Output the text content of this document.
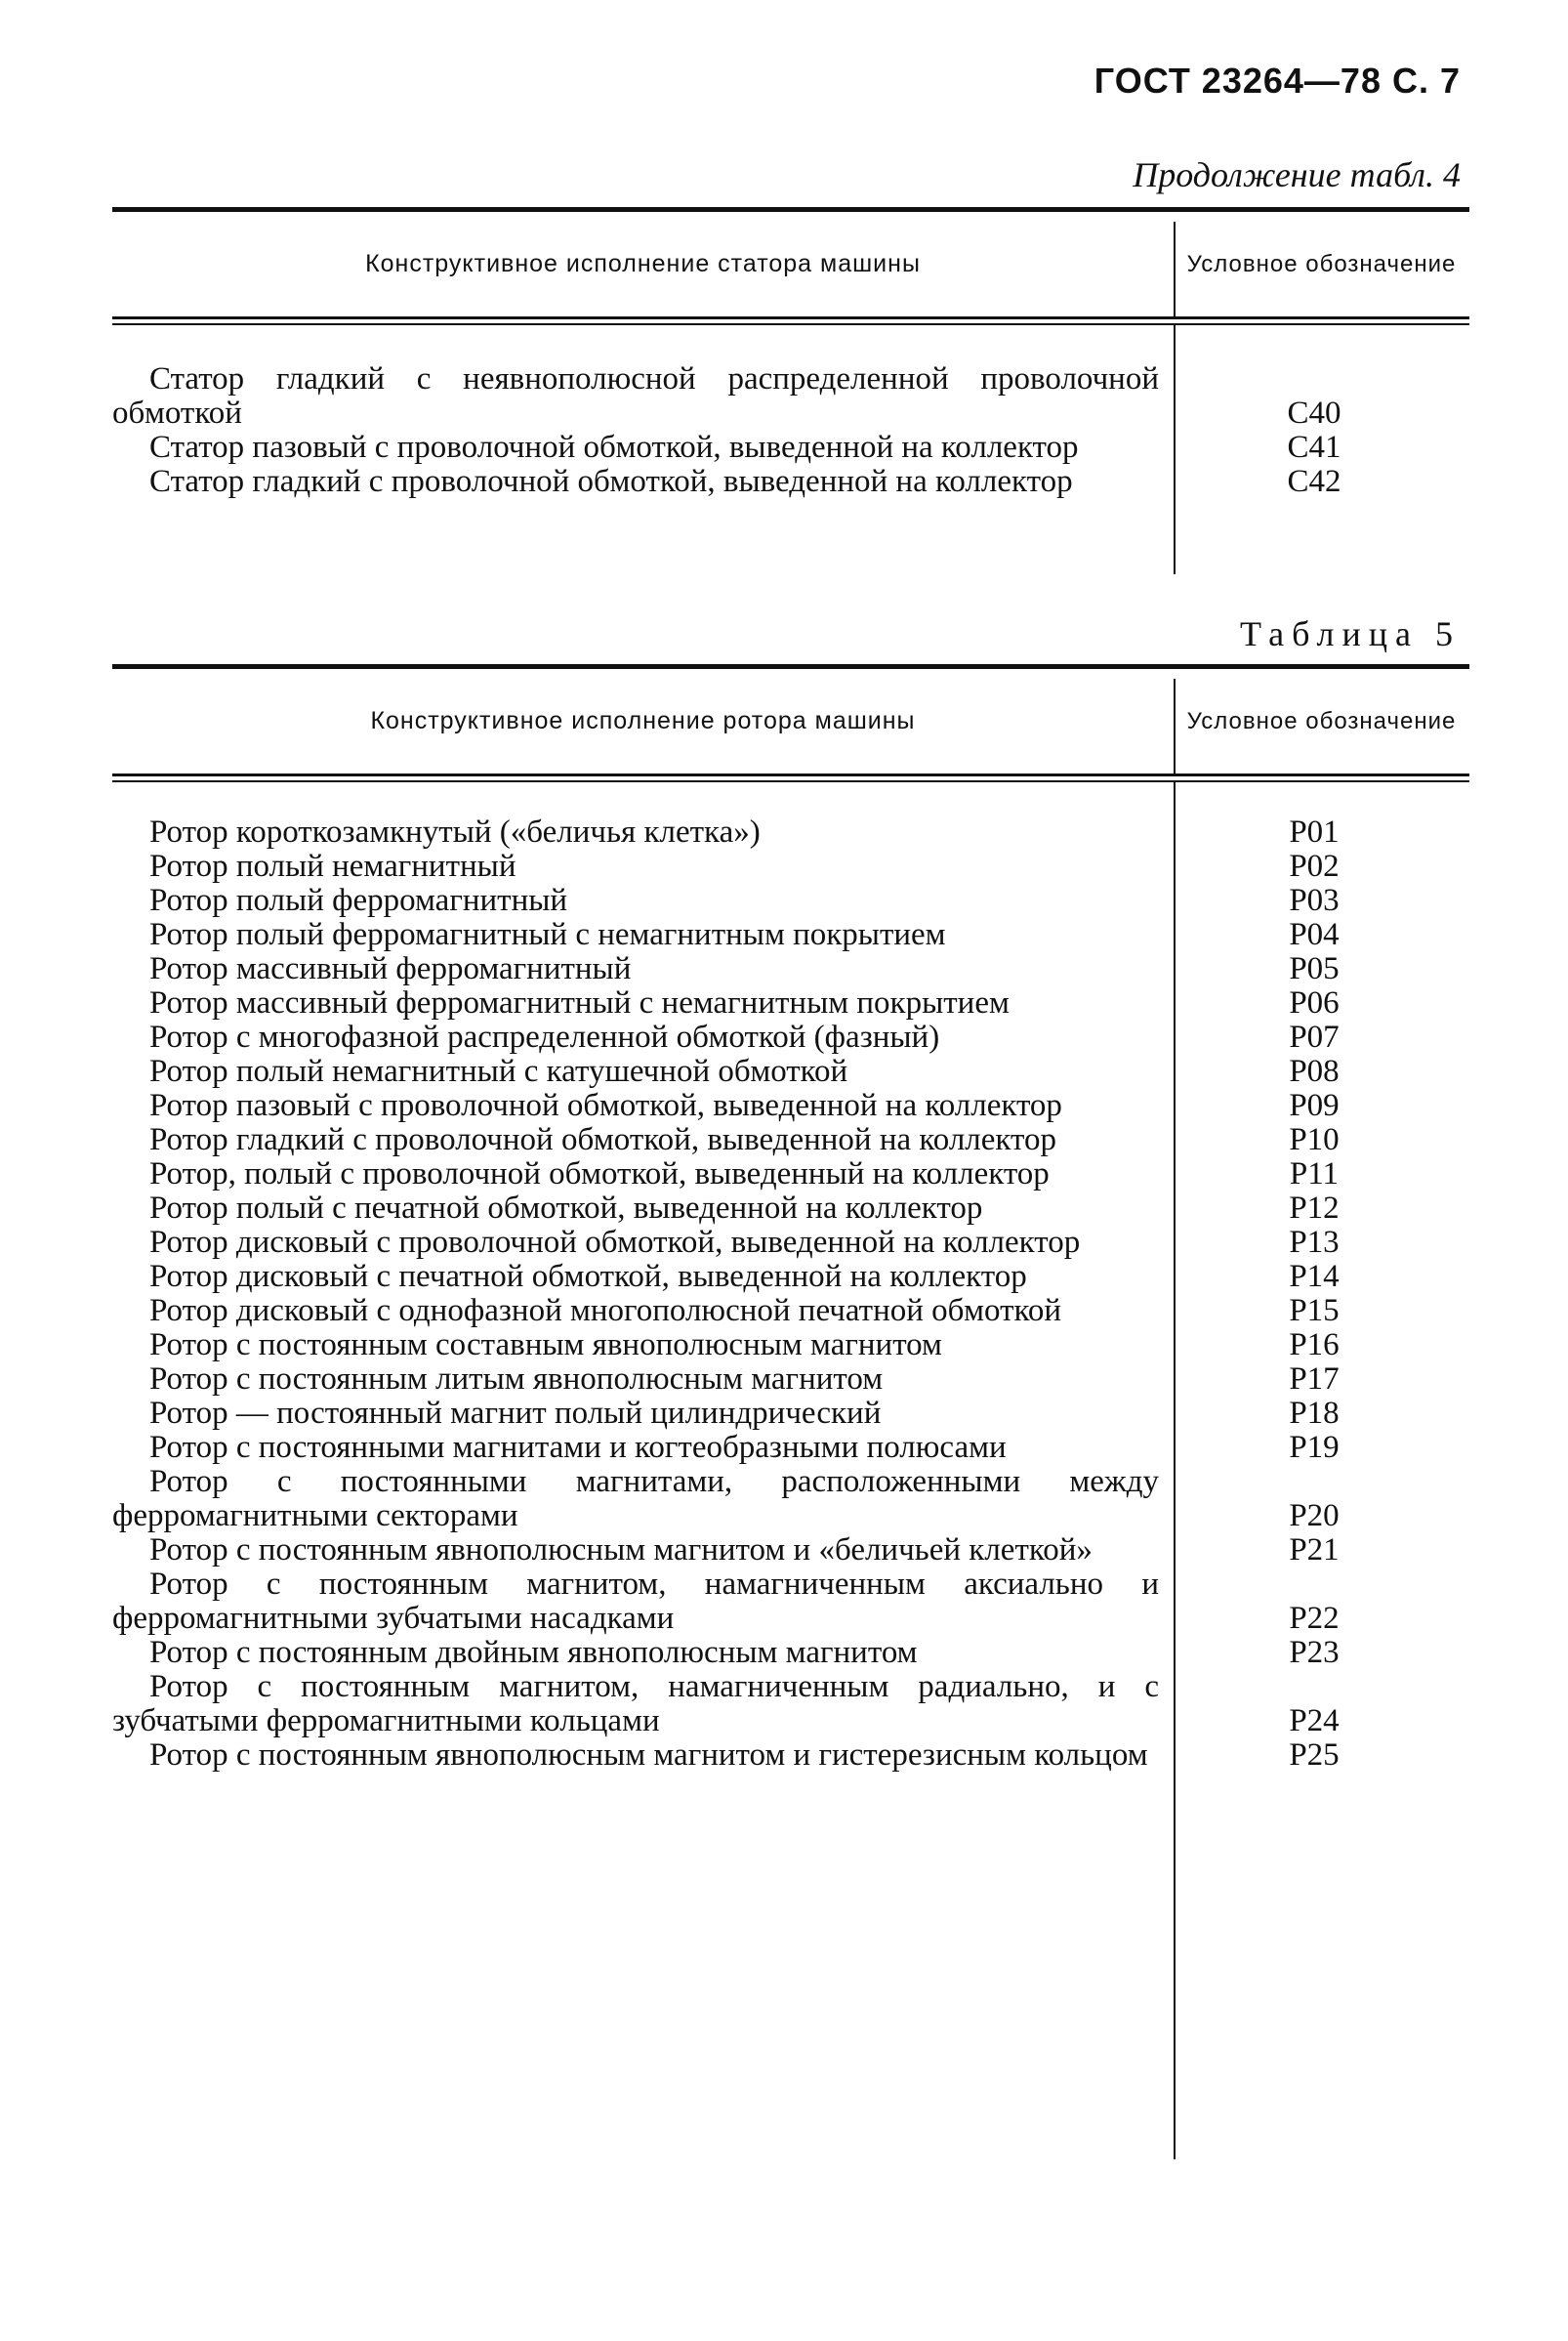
ГОСТ 23264—78 С. 7
Продолжение табл. 4
Конструктивное исполнение статора машины	Условное обозначение
Статор гладкий с неявнополюсной распределенной проволочной обмоткой	С40
Статор пазовый с проволочной обмоткой, выведенной на коллектор	С41
Статор гладкий с проволочной обмоткой, выведенной на коллектор	С42
Таблица 5
Конструктивное исполнение ротора машины	Условное обозначение
Ротор короткозамкнутый («беличья клетка»)	Р01
Ротор полый немагнитный	Р02
Ротор полый ферромагнитный	Р03
Ротор полый ферромагнитный с немагнитным покрытием	Р04
Ротор массивный ферромагнитный	Р05
Ротор массивный ферромагнитный с немагнитным покрытием	Р06
Ротор с многофазной распределенной обмоткой (фазный)	Р07
Ротор полый немагнитный с катушечной обмоткой	Р08
Ротор пазовый с проволочной обмоткой, выведенной на коллектор	Р09
Ротор гладкий с проволочной обмоткой, выведенной на коллектор	Р10
Ротор, полый с проволочной обмоткой, выведенный на коллектор	Р11
Ротор полый с печатной обмоткой, выведенной на коллектор	Р12
Ротор дисковый с проволочной обмоткой, выведенной на коллектор	Р13
Ротор дисковый с печатной обмоткой, выведенной на коллектор	Р14
Ротор дисковый с однофазной многополюсной печатной обмоткой	Р15
Ротор с постоянным составным явнополюсным магнитом	Р16
Ротор с постоянным литым явнополюсным магнитом	Р17
Ротор — постоянный магнит полый цилиндрический	Р18
Ротор с постоянными магнитами и когтеобразными полюсами	Р19
Ротор с постоянными магнитами, расположенными между ферромагнитными секторами	Р20
Ротор с постоянным явнополюсным магнитом и «беличьей клеткой»	Р21
Ротор с постоянным магнитом, намагниченным аксиально и ферромагнитными зубчатыми насадками	Р22
Ротор с постоянным двойным явнополюсным магнитом	Р23
Ротор с постоянным магнитом, намагниченным радиально, и с зубчатыми ферромагнитными кольцами	Р24
Ротор с постоянным явнополюсным магнитом и гистерезисным кольцом	Р25
